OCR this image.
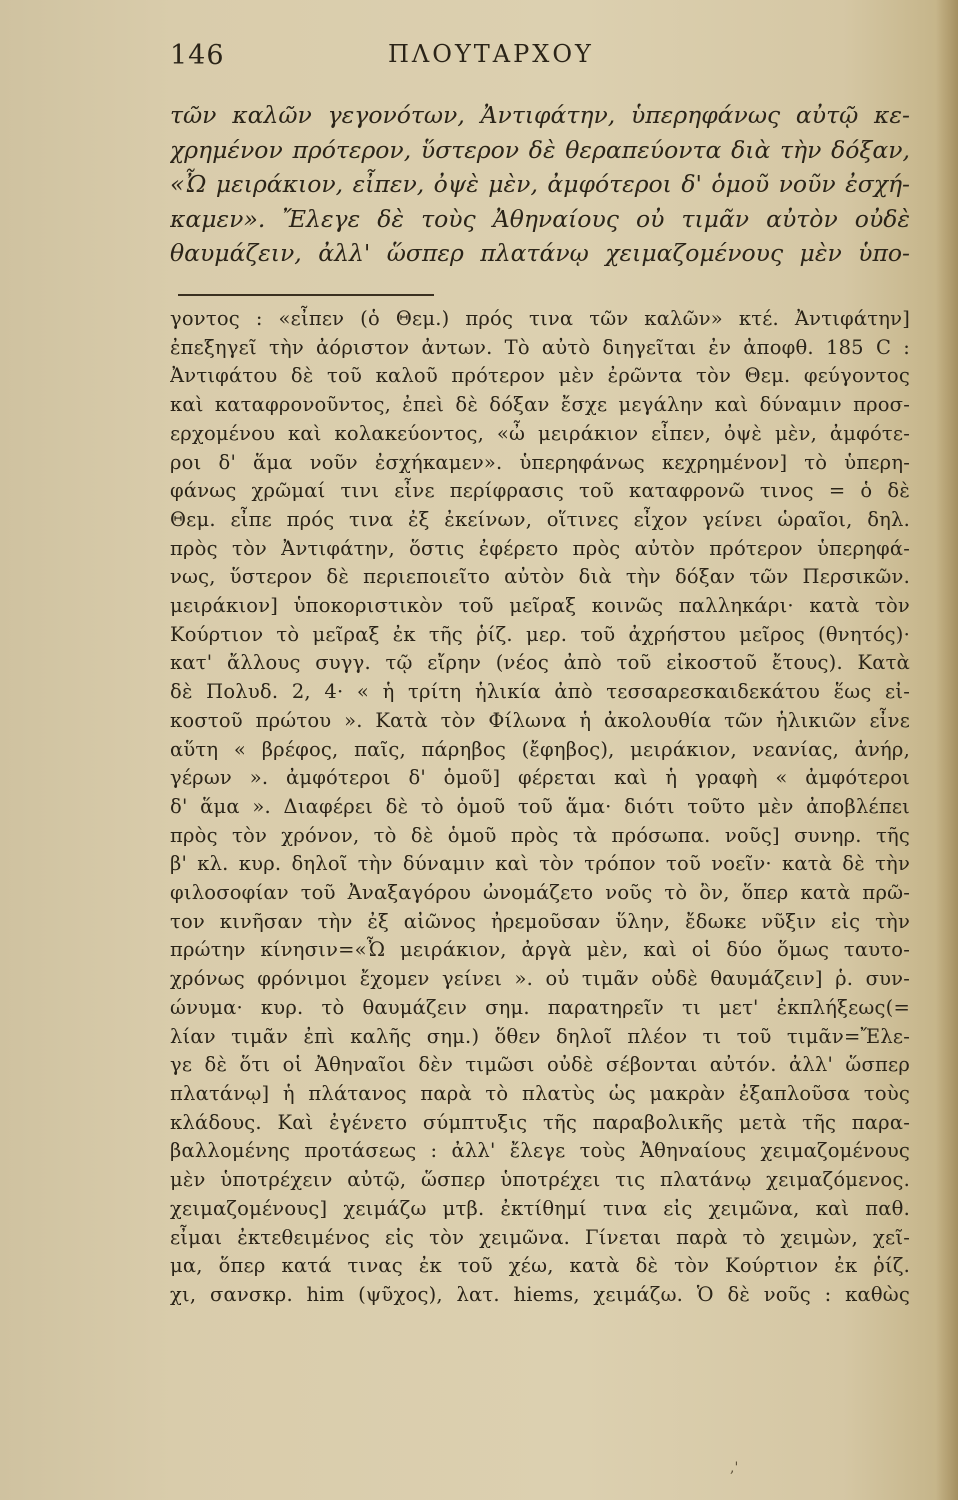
146	ΠΛΟΥΤΑΡΧΟΥ
τῶν καλῶν γεγονότων, Ἀντιφάτην, ὑπερηφάνως αὐτῷ κε-
χρημένον πρότερον, ὕστερον δὲ θεραπεύοντα διὰ τὴν δόξαν,
«Ὦ μειράκιον, εἶπεν, ὀψὲ μὲν, ἀμφότεροι δ' ὁμοῦ νοῦν ἐσχή-
καμεν». Ἔλεγε δὲ τοὺς Ἀθηναίους οὐ τιμᾶν αὐτὸν οὐδὲ
θαυμάζειν, ἀλλ' ὥσπερ πλατάνῳ χειμαζομένους μὲν ὑπο-
γοντος : «εἶπεν (ὁ Θεμ.) πρός τινα τῶν καλῶν» κτέ. Ἀντιφάτην]
ἐπεξηγεῖ τὴν ἀόριστον ἀντων. Τὸ αὐτὸ διηγεῖται ἐν ἀποφθ. 185 C :
Ἀντιφάτου δὲ τοῦ καλοῦ πρότερον μὲν ἐρῶντα τὸν Θεμ. φεύγοντος
καὶ καταφρονοῦντος, ἐπεὶ δὲ δόξαν ἔσχε μεγάλην καὶ δύναμιν προσ-
ερχομένου καὶ κολακεύοντος, «ὦ μειράκιον εἶπεν, ὀψὲ μὲν, ἀμφότε-
ροι δ' ἅμα νοῦν ἐσχήκαμεν». ὑπερηφάνως κεχρημένον] τὸ ὑπερη-
φάνως χρῶμαί τινι εἶνε περίφρασις τοῦ καταφρονῶ τινος = ὁ δὲ
Θεμ. εἶπε πρός τινα ἐξ ἐκείνων, οἵτινες εἶχον γείνει ὡραῖοι, δηλ.
πρὸς τὸν Ἀντιφάτην, ὅστις ἐφέρετο πρὸς αὐτὸν πρότερον ὑπερηφά-
νως, ὕστερον δὲ περιεποιεῖτο αὐτὸν διὰ τὴν δόξαν τῶν Περσικῶν.
μειράκιον] ὑποκοριστικὸν τοῦ μεῖραξ κοινῶς παλληκάρι· κατὰ τὸν
Κούρτιον τὸ μεῖραξ ἐκ τῆς ῥίζ. μερ. τοῦ ἀχρήστου μεῖρος (θνητός)·
κατ' ἄλλους συγγ. τῷ εἴρην (νέος ἀπὸ τοῦ εἰκοστοῦ ἔτους). Κατὰ
δὲ Πολυδ. 2, 4· « ἡ τρίτη ἡλικία ἀπὸ τεσσαρεσκαιδεκάτου ἕως εἰ-
κοστοῦ πρώτου ». Κατὰ τὸν Φίλωνα ἡ ἀκολουθία τῶν ἡλικιῶν εἶνε
αὕτη « βρέφος, παῖς, πάρηβος (ἔφηβος), μειράκιον, νεανίας, ἀνήρ,
γέρων ». ἀμφότεροι δ' ὁμοῦ] φέρεται καὶ ἡ γραφὴ « ἀμφότεροι
δ' ἅμα ». Διαφέρει δὲ τὸ ὁμοῦ τοῦ ἅμα· διότι τοῦτο μὲν ἀποβλέπει
πρὸς τὸν χρόνον, τὸ δὲ ὁμοῦ πρὸς τὰ πρόσωπα. νοῦς] συνηρ. τῆς
β' κλ. κυρ. δηλοῖ τὴν δύναμιν καὶ τὸν τρόπον τοῦ νοεῖν· κατὰ δὲ τὴν
φιλοσοφίαν τοῦ Ἀναξαγόρου ὠνομάζετο νοῦς τὸ ὂν, ὅπερ κατὰ πρῶ-
τον κινῆσαν τὴν ἐξ αἰῶνος ἠρεμοῦσαν ὕλην, ἔδωκε νῦξιν εἰς τὴν
πρώτην κίνησιν=«Ὦ μειράκιον, ἀργὰ μὲν, καὶ οἱ δύο ὅμως ταυτο-
χρόνως φρόνιμοι ἔχομεν γείνει ». οὐ τιμᾶν οὐδὲ θαυμάζειν] ῥ. συν-
ώνυμα· κυρ. τὸ θαυμάζειν σημ. παρατηρεῖν τι μετ' ἐκπλήξεως(=
λίαν τιμᾶν ἐπὶ καλῆς σημ.) ὅθεν δηλοῖ πλέον τι τοῦ τιμᾶν=Ἔλε-
γε δὲ ὅτι οἱ Ἀθηναῖοι δὲν τιμῶσι οὐδὲ σέβονται αὐτόν. ἀλλ' ὥσπερ
πλατάνῳ] ἡ πλάτανος παρὰ τὸ πλατὺς ὡς μακρὰν ἐξαπλοῦσα τοὺς
κλάδους. Καὶ ἐγένετο σύμπτυξις τῆς παραβολικῆς μετὰ τῆς παρα-
βαλλομένης προτάσεως : ἀλλ' ἔλεγε τοὺς Ἀθηναίους χειμαζομένους
μὲν ὑποτρέχειν αὐτῷ, ὥσπερ ὑποτρέχει τις πλατάνῳ χειμαζόμενος.
χειμαζομένους] χειμάζω μτβ. ἐκτίθημί τινα εἰς χειμῶνα, καὶ παθ.
εἶμαι ἐκτεθειμένος εἰς τὸν χειμῶνα. Γίνεται παρὰ τὸ χειμὼν, χεῖ-
μα, ὅπερ κατά τινας ἐκ τοῦ χέω, κατὰ δὲ τὸν Κούρτιον ἐκ ῥίζ.
χι, σανσκρ. him (ψῦχος), λατ. hiems, χειμάζω. Ὁ δὲ νοῦς : καθὼς
,'
